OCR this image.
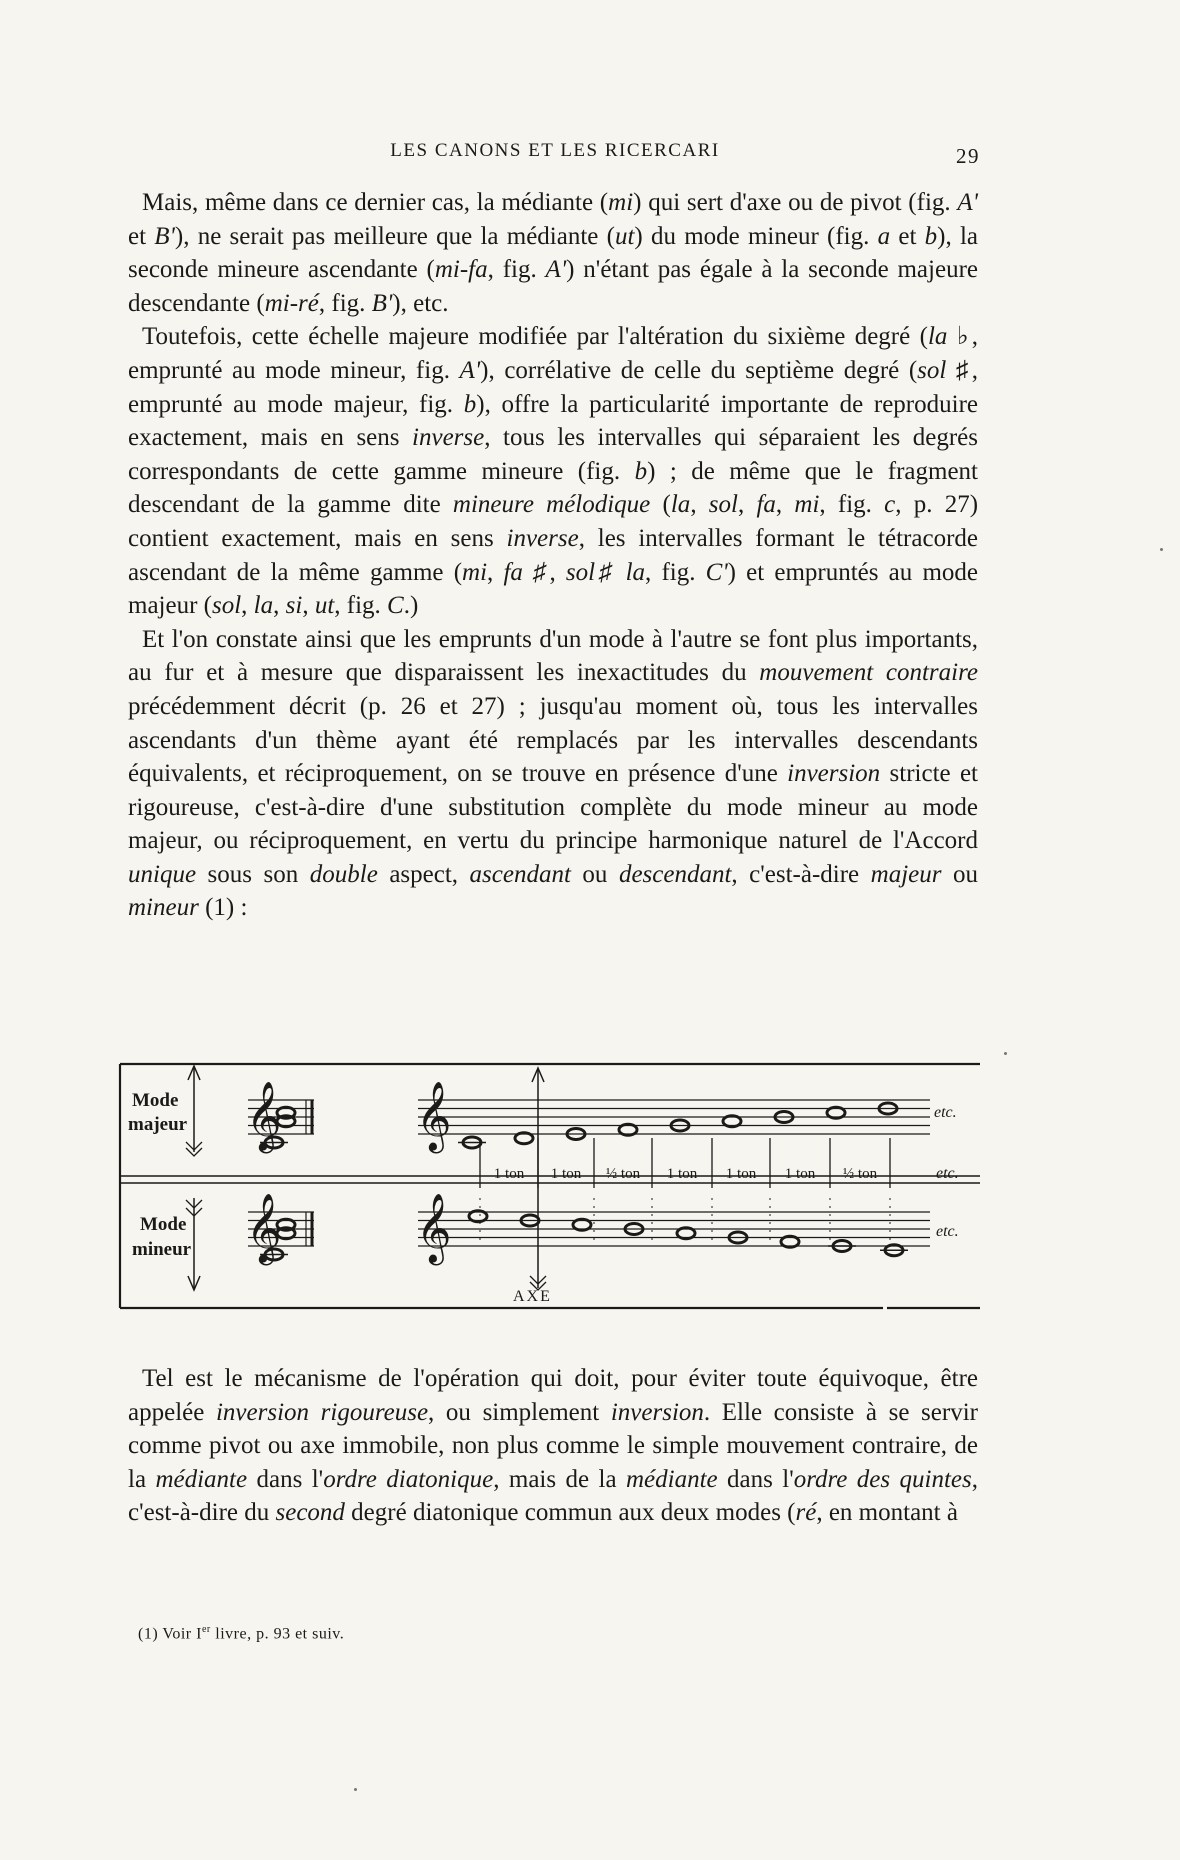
LES CANONS ET LES RICERCARI	29

Mais, même dans ce dernier cas, la médiante (mi) qui sert d'axe ou de pivot (fig. A' et B'), ne serait pas meilleure que la médiante (ut) du mode mineur (fig. a et b), la seconde mineure ascendante (mi-fa, fig. A') n'étant pas égale à la seconde majeure descendante (mi-ré, fig. B'), etc.

Toutefois, cette échelle majeure modifiée par l'altération du sixième degré (la ♭, emprunté au mode mineur, fig. A'), corrélative de celle du septième degré (sol ♯, emprunté au mode majeur, fig. b), offre la particularité importante de reproduire exactement, mais en sens inverse, tous les intervalles qui séparaient les degrés correspondants de cette gamme mineure (fig. b) ; de même que le fragment descendant de la gamme dite mineure mélodique (la, sol, fa, mi, fig. c, p. 27) contient exactement, mais en sens inverse, les intervalles formant le tétracorde ascendant de la même gamme (mi, fa ♯, sol♯ la, fig. C') et empruntés au mode majeur (sol, la, si, ut, fig. C.)

Et l'on constate ainsi que les emprunts d'un mode à l'autre se font plus importants, au fur et à mesure que disparaissent les inexactitudes du mouvement contraire précédemment décrit (p. 26 et 27) ; jusqu'au moment où, tous les intervalles ascendants d'un thème ayant été remplacés par les intervalles descendants équivalents, et réciproquement, on se trouve en présence d'une inversion stricte et rigoureuse, c'est-à-dire d'une substitution complète du mode mineur au mode majeur, ou réciproquement, en vertu du principe harmonique naturel de l'Accord unique sous son double aspect, ascendant ou descendant, c'est-à-dire majeur ou mineur (1) :

𝄞
𝄞
𝄞
𝄞
Mode
majeur
Mode
mineur
etc.
etc.
etc.
AXE
1 ton 1 ton ½ ton 1 ton 1 ton 1 ton ½ ton

Tel est le mécanisme de l'opération qui doit, pour éviter toute équivoque, être appelée inversion rigoureuse, ou simplement inversion. Elle consiste à se servir comme pivot ou axe immobile, non plus comme le simple mouvement contraire, de la médiante dans l'ordre diatonique, mais de la médiante dans l'ordre des quintes, c'est-à-dire du second degré diatonique commun aux deux modes (ré, en montant à

(1) Voir Ier livre, p. 93 et suiv.
